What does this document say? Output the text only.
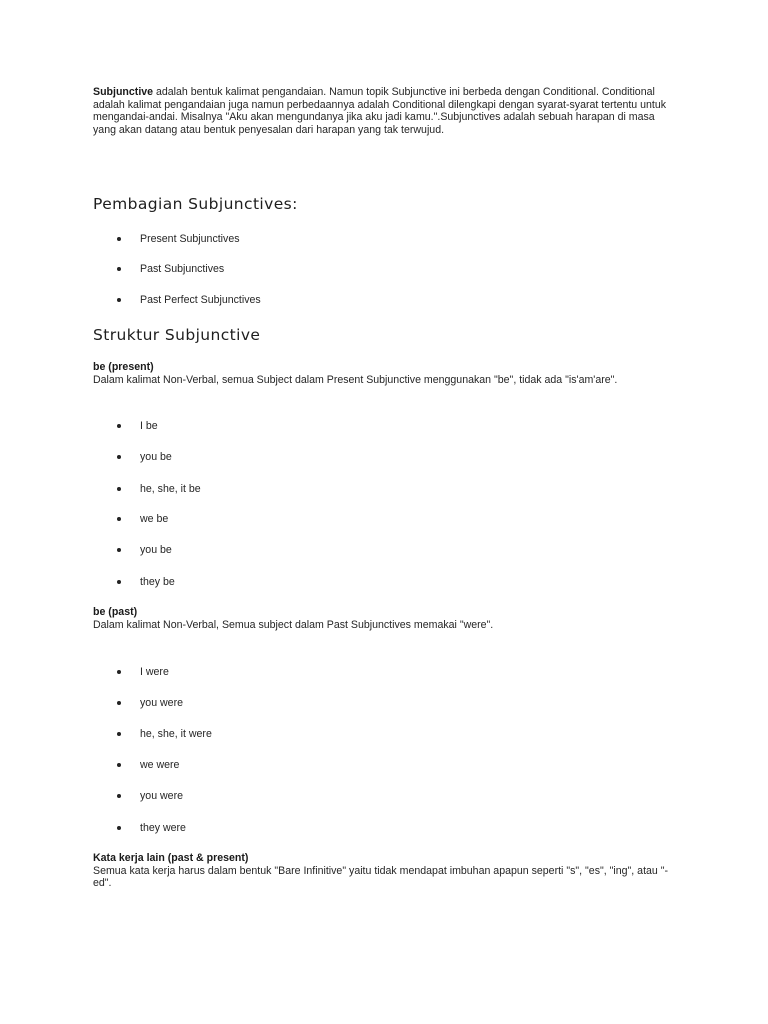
Subjunctive adalah bentuk kalimat pengandaian. Namun topik Subjunctive ini berbeda dengan Conditional. Conditional adalah kalimat pengandaian juga namun perbedaannya adalah Conditional dilengkapi dengan syarat-syarat tertentu untuk mengandai-andai. Misalnya "Aku akan mengundanya jika aku jadi kamu.".Subjunctives adalah sebuah harapan di masa yang akan datang atau bentuk penyesalan dari harapan yang tak terwujud.

Pembagian Subjunctives:
Present Subjunctives
Past Subjunctives
Past Perfect Subjunctives
Struktur Subjunctive

be (present)
Dalam kalimat Non-Verbal, semua Subject dalam Present Subjunctive menggunakan "be", tidak ada "is'am'are".

I be
you be
he, she, it be
we be
you be
they be

be (past)
Dalam kalimat Non-Verbal, Semua subject dalam Past Subjunctives memakai "were".

I were
you were
he, she, it were
we were
you were
they were

Kata kerja lain (past & present)
Semua kata kerja harus dalam bentuk "Bare Infinitive" yaitu tidak mendapat imbuhan apapun seperti "s", "es", "ing", atau "-ed".
